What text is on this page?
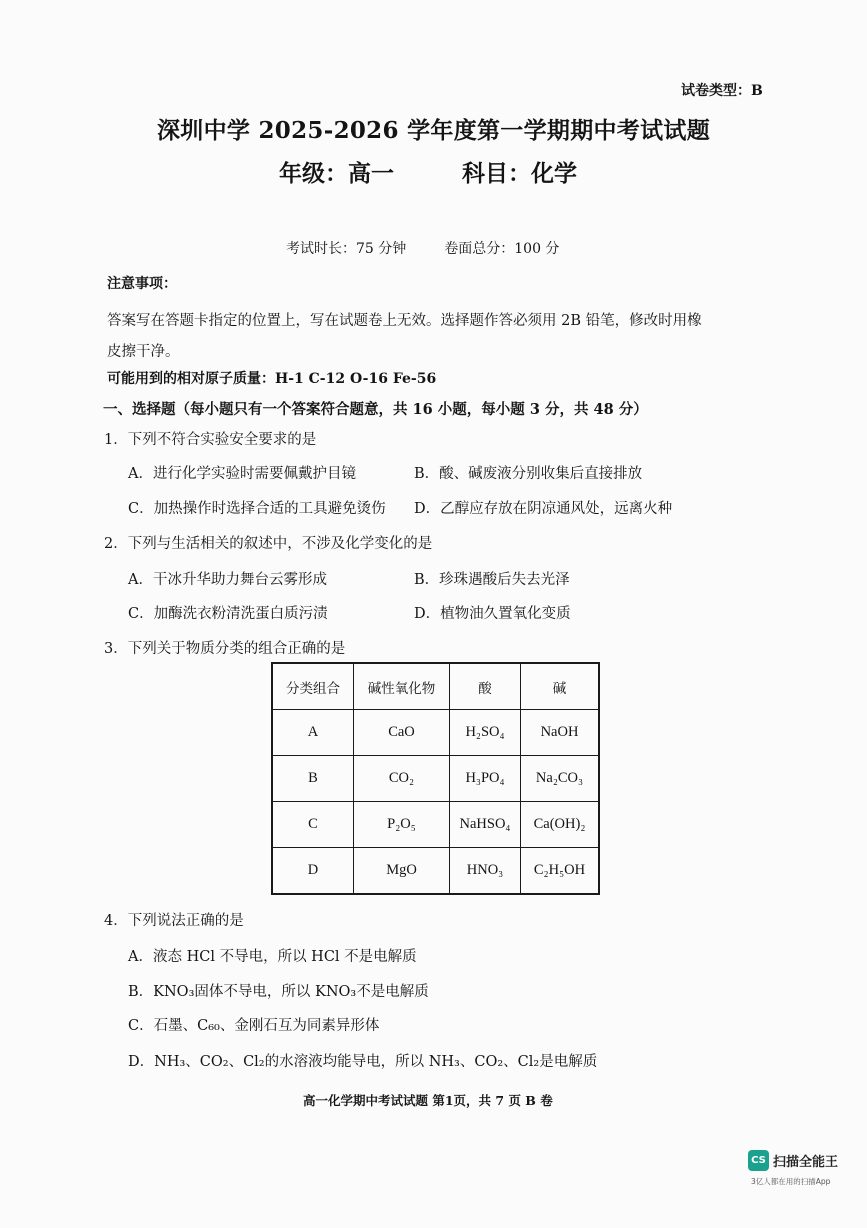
试卷类型：B
深圳中学 2025-2026 学年度第一学期期中考试试题
年级：高一	科目：化学
考试时长：75 分钟	卷面总分：100 分
注意事项：
答案写在答题卡指定的位置上，写在试题卷上无效。选择题作答必须用 2B 铅笔，修改时用橡皮擦干净。
可能用到的相对原子质量：H-1 C-12 O-16 Fe-56
一、选择题（每小题只有一个答案符合题意，共 16 小题，每小题 3 分，共 48 分）
1．下列不符合实验安全要求的是
A．进行化学实验时需要佩戴护目镜	B．酸、碱废液分别收集后直接排放
C．加热操作时选择合适的工具避免烫伤 D．乙醇应存放在阴凉通风处，远离火种
2．下列与生活相关的叙述中，不涉及化学变化的是
A．干冰升华助力舞台云雾形成	B．珍珠遇酸后失去光泽
C．加酶洗衣粉清洗蛋白质污渍	D．植物油久置氧化变质
3．下列关于物质分类的组合正确的是
分类组合	碱性氧化物	酸	碱
A	CaO	H₂SO₄	NaOH
B	CO₂	H₃PO₄	Na₂CO₃
C	P₂O₅	NaHSO₄	Ca(OH)₂
D	MgO	HNO₃	C₂H₅OH
4．下列说法正确的是
A．液态 HCl 不导电，所以 HCl 不是电解质
B．KNO₃固体不导电，所以 KNO₃不是电解质
C．石墨、C₆₀、金刚石互为同素异形体
D．NH₃、CO₂、Cl₂的水溶液均能导电，所以 NH₃、CO₂、Cl₂是电解质
高一化学期中考试试题 第1页，共 7 页 B 卷
CS 扫描全能王
3亿人都在用的扫描App
